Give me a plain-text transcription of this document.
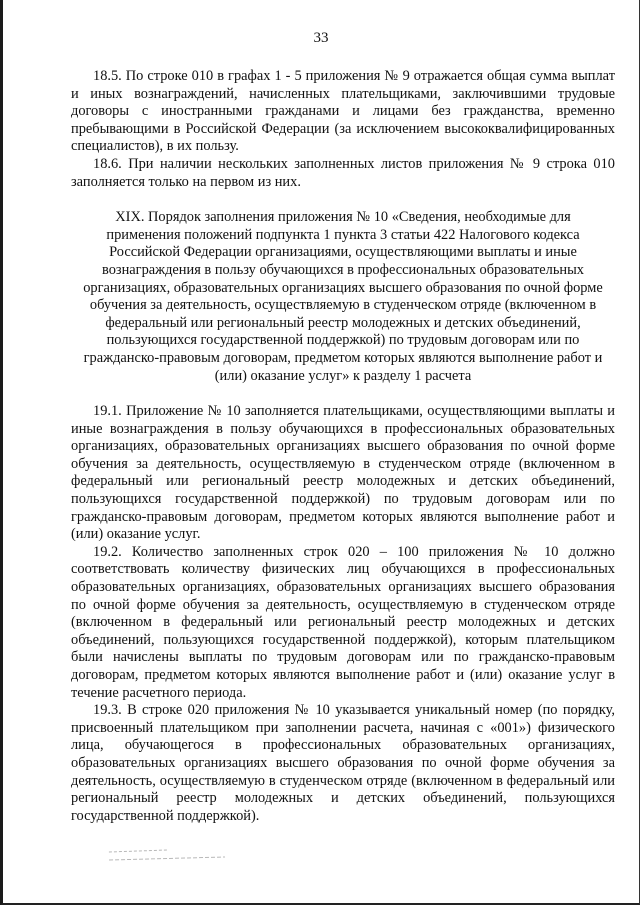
33

18.5. По строке 010 в графах 1 - 5 приложения № 9 отражается общая сумма выплат и иных вознаграждений, начисленных плательщиками, заключившими трудовые договоры с иностранными гражданами и лицами без гражданства, временно пребывающими в Российской Федерации (за исключением высококвалифицированных специалистов), в их пользу.

18.6. При наличии нескольких заполненных листов приложения № 9 строка 010 заполняется только на первом из них.

XIX. Порядок заполнения приложения № 10 «Сведения, необходимые для применения положений подпункта 1 пункта 3 статьи 422 Налогового кодекса Российской Федерации организациями, осуществляющими выплаты и иные вознаграждения в пользу обучающихся в профессиональных образовательных организациях, образовательных организациях высшего образования по очной форме обучения за деятельность, осуществляемую в студенческом отряде (включенном в федеральный или региональный реестр молодежных и детских объединений, пользующихся государственной поддержкой) по трудовым договорам или по гражданско-правовым договорам, предметом которых являются выполнение работ и (или) оказание услуг» к разделу 1 расчета

19.1. Приложение № 10 заполняется плательщиками, осуществляющими выплаты и иные вознаграждения в пользу обучающихся в профессиональных образовательных организациях, образовательных организациях высшего образования по очной форме обучения за деятельность, осуществляемую в студенческом отряде (включенном в федеральный или региональный реестр молодежных и детских объединений, пользующихся государственной поддержкой) по трудовым договорам или по гражданско-правовым договорам, предметом которых являются выполнение работ и (или) оказание услуг.

19.2. Количество заполненных строк 020 – 100 приложения № 10 должно соответствовать количеству физических лиц обучающихся в профессиональных образовательных организациях, образовательных организациях высшего образования по очной форме обучения за деятельность, осуществляемую в студенческом отряде (включенном в федеральный или региональный реестр молодежных и детских объединений, пользующихся государственной поддержкой), которым плательщиком были начислены выплаты по трудовым договорам или по гражданско-правовым договорам, предметом которых являются выполнение работ и (или) оказание услуг в течение расчетного периода.

19.3. В строке 020 приложения № 10 указывается уникальный номер (по порядку, присвоенный плательщиком при заполнении расчета, начиная с «001») физического лица, обучающегося в профессиональных образовательных организациях, образовательных организациях высшего образования по очной форме обучения за деятельность, осуществляемую в студенческом отряде (включенном в федеральный или региональный реестр молодежных и детских объединений, пользующихся государственной поддержкой).
